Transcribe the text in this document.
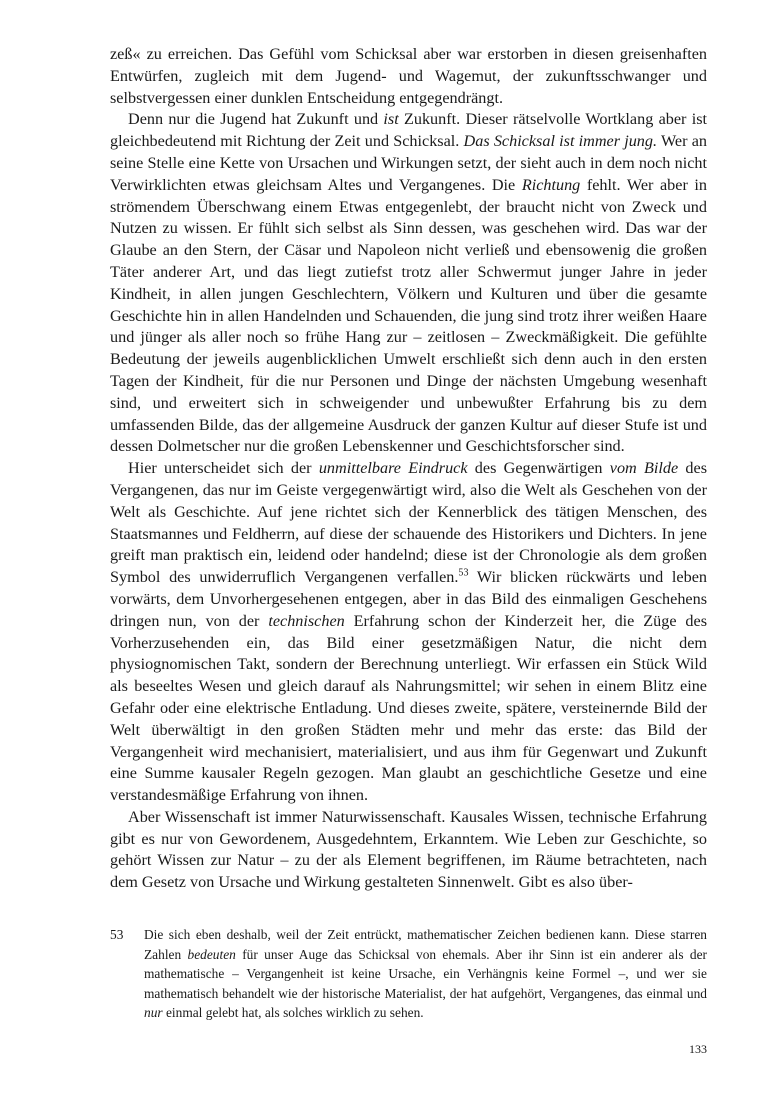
zeß« zu erreichen. Das Gefühl vom Schicksal aber war erstorben in diesen greisenhaften Entwürfen, zugleich mit dem Jugend- und Wagemut, der zukunftsschwanger und selbstvergessen einer dunklen Entscheidung entgegendrängt.

Denn nur die Jugend hat Zukunft und ist Zukunft. Dieser rätselvolle Wortklang aber ist gleichbedeutend mit Richtung der Zeit und Schicksal. Das Schicksal ist immer jung. Wer an seine Stelle eine Kette von Ursachen und Wirkungen setzt, der sieht auch in dem noch nicht Verwirklichten etwas gleichsam Altes und Vergangenes. Die Richtung fehlt. Wer aber in strömendem Überschwang einem Etwas entgegenlebt, der braucht nicht von Zweck und Nutzen zu wissen. Er fühlt sich selbst als Sinn dessen, was geschehen wird. Das war der Glaube an den Stern, der Cäsar und Napoleon nicht verließ und ebensowenig die großen Täter anderer Art, und das liegt zutiefst trotz aller Schwermut junger Jahre in jeder Kindheit, in allen jungen Geschlechtern, Völkern und Kulturen und über die gesamte Geschichte hin in allen Handelnden und Schauenden, die jung sind trotz ihrer weißen Haare und jünger als aller noch so frühe Hang zur – zeitlosen – Zweckmäßigkeit. Die gefühlte Bedeutung der jeweils augenblicklichen Umwelt erschließt sich denn auch in den ersten Tagen der Kindheit, für die nur Personen und Dinge der nächsten Umgebung wesenhaft sind, und erweitert sich in schweigender und unbewußter Erfahrung bis zu dem umfassenden Bilde, das der allgemeine Ausdruck der ganzen Kultur auf dieser Stufe ist und dessen Dolmetscher nur die großen Lebenskenner und Geschichtsforscher sind.

Hier unterscheidet sich der unmittelbare Eindruck des Gegenwärtigen vom Bilde des Vergangenen, das nur im Geiste vergegenwärtigt wird, also die Welt als Geschehen von der Welt als Geschichte. Auf jene richtet sich der Kennerblick des tätigen Menschen, des Staatsmannes und Feldherrn, auf diese der schauende des Historikers und Dichters. In jene greift man praktisch ein, leidend oder handelnd; diese ist der Chronologie als dem großen Symbol des unwiderruflich Vergangenen verfallen.$^{53}$ Wir blicken rückwärts und leben vorwärts, dem Unvorhergesehenen entgegen, aber in das Bild des einmaligen Geschehens dringen nun, von der technischen Erfahrung schon der Kinderzeit her, die Züge des Vorherzusehenden ein, das Bild einer gesetzmäßigen Natur, die nicht dem physiognomischen Takt, sondern der Berechnung unterliegt. Wir erfassen ein Stück Wild als beseeltes Wesen und gleich darauf als Nahrungsmittel; wir sehen in einem Blitz eine Gefahr oder eine elektrische Entladung. Und dieses zweite, spätere, versteinernde Bild der Welt überwältigt in den großen Städten mehr und mehr das erste: das Bild der Vergangenheit wird mechanisiert, materialisiert, und aus ihm für Gegenwart und Zukunft eine Summe kausaler Regeln gezogen. Man glaubt an geschichtliche Gesetze und eine verstandesmäßige Erfahrung von ihnen.

Aber Wissenschaft ist immer Naturwissenschaft. Kausales Wissen, technische Erfahrung gibt es nur von Gewordenem, Ausgedehntem, Erkanntem. Wie Leben zur Geschichte, so gehört Wissen zur Natur – zu der als Element begriffenen, im Räume betrachteten, nach dem Gesetz von Ursache und Wirkung gestalteten Sinnenwelt. Gibt es also über-

53	Die sich eben deshalb, weil der Zeit entrückt, mathematischer Zeichen bedienen kann. Diese starren Zahlen bedeuten für unser Auge das Schicksal von ehemals. Aber ihr Sinn ist ein anderer als der mathematische – Vergangenheit ist keine Ursache, ein Verhängnis keine Formel –, und wer sie mathematisch behandelt wie der historische Materialist, der hat aufgehört, Vergangenes, das einmal und nur einmal gelebt hat, als solches wirklich zu sehen.
133
